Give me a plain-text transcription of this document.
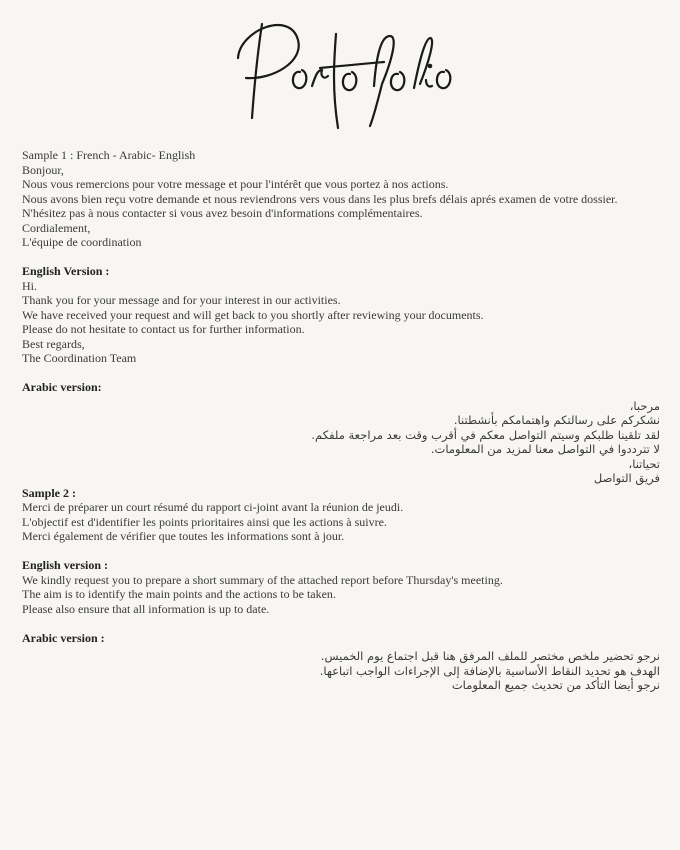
Sample 1 : French - Arabic- English
Bonjour,
Nous vous remercions pour votre message et pour l'intérêt que vous portez à nos actions.
Nous avons bien reçu votre demande et nous reviendrons vers vous dans les plus brefs délais aprés examen de votre dossier.
N'hésitez pas à nous contacter si vous avez besoin d'informations complémentaires.
Cordialement,
L'équipe de coordination
English Version :
Hi.
Thank you for your message and for your interest in our activities.
We have received your request and will get back to you shortly after reviewing your documents.
Please do not hesitate to contact us for further information.
Best regards,
The Coordination Team
Arabic version:
مرحبا،
نشكركم على رسالتكم واهتمامكم بأنشطتنا.
لقد تلقينا طلبكم وسيتم التواصل معكم في أقرب وقت بعد مراجعة ملفكم.
لا تترددوا في التواصل معنا لمزيد من المعلومات.
تحياتنا،
فريق التواصل
Sample 2 :
Merci de préparer un court résumé du rapport ci-joint avant la réunion de jeudi.
L'objectif est d'identifier les points prioritaires ainsi que les actions à suivre.
Merci également de vérifier que toutes les informations sont à jour.
English version :
We kindly request you to prepare a short summary of the attached report before Thursday's meeting.
The aim is to identify the main points and the actions to be taken.
Please also ensure that all information is up to date.
Arabic version :
نرجو تحضير ملخص مختصر للملف المرفق هنا قبل اجتماع يوم الخميس.
الهدف هو تحديد النقاط الأساسية بالإضافة إلى الإجراءات الواجب اتباعها.
نرجو أيضا التأكد من تحديث جميع المعلومات
